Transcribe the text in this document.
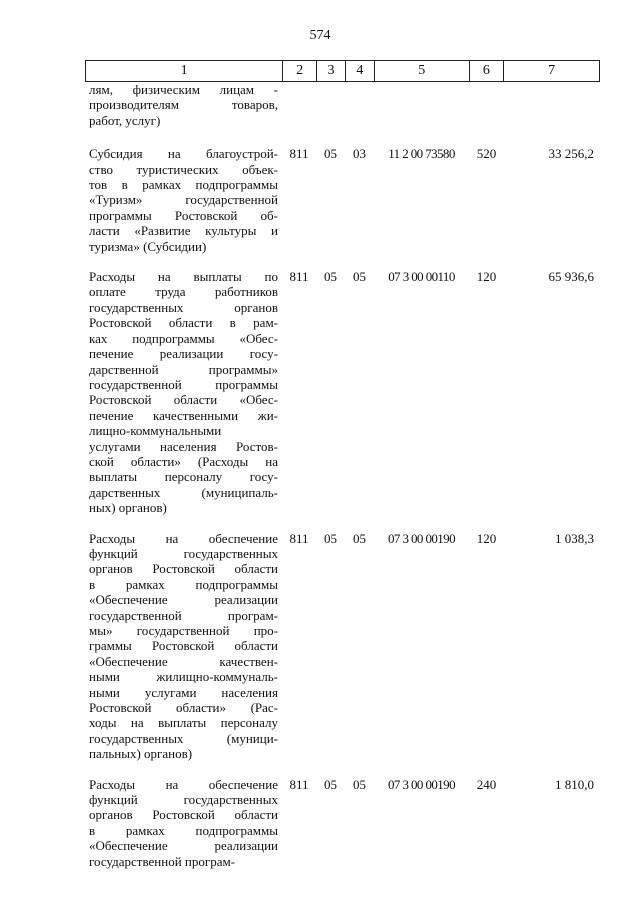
574
1	2	3	4	5	6	7
лям, физическим лицам -
производителям товаров,
работ, услуг)
Субсидия на благоустрой-
ство туристических объек-
тов в рамках подпрограммы
«Туризм» государственной
программы Ростовской об-
ласти «Развитие культуры и
туризма» (Субсидии)
811	05	03	11 2 00 73580	520	33 256,2
Расходы на выплаты по
оплате труда работников
государственных органов
Ростовской области в рам-
ках подпрограммы «Обес-
печение реализации госу-
дарственной программы»
государственной программы
Ростовской области «Обес-
печение качественными жи-
лищно-коммунальными
услугами населения Ростов-
ской области» (Расходы на
выплаты персоналу госу-
дарственных (муниципаль-
ных) органов)
811	05	05	07 3 00 00110	120	65 936,6
Расходы на обеспечение
функций государственных
органов Ростовской области
в рамках подпрограммы
«Обеспечение реализации
государственной програм-
мы» государственной про-
граммы Ростовской области
«Обеспечение качествен-
ными жилищно-коммуналь-
ными услугами населения
Ростовской области» (Рас-
ходы на выплаты персоналу
государственных (муници-
пальных) органов)
811	05	05	07 3 00 00190	120	1 038,3
Расходы на обеспечение
функций государственных
органов Ростовской области
в рамках подпрограммы
«Обеспечение реализации
государственной програм-
811	05	05	07 3 00 00190	240	1 810,0
